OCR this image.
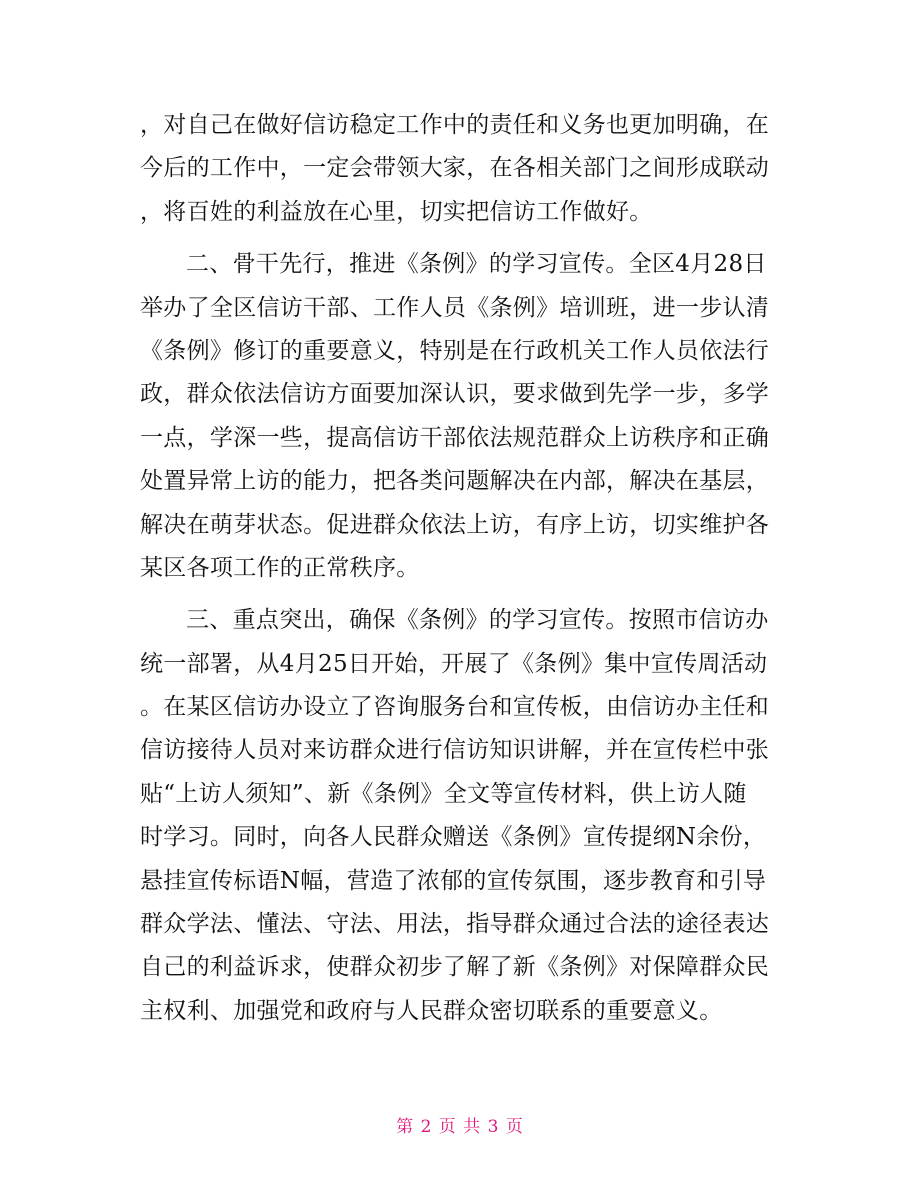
，对自己在做好信访稳定工作中的责任和义务也更加明确，在
今后的工作中，一定会带领大家，在各相关部门之间形成联动
，将百姓的利益放在心里，切实把信访工作做好。
二、骨干先行，推进《条例》的学习宣传。全区4月28日
举办了全区信访干部、工作人员《条例》培训班，进一步认清
《条例》修订的重要意义，特别是在行政机关工作人员依法行
政，群众依法信访方面要加深认识，要求做到先学一步，多学
一点，学深一些，提高信访干部依法规范群众上访秩序和正确
处置异常上访的能力，把各类问题解决在内部，解决在基层，
解决在萌芽状态。促进群众依法上访，有序上访，切实维护各
某区各项工作的正常秩序。
三、重点突出，确保《条例》的学习宣传。按照市信访办
统一部署，从4月25日开始，开展了《条例》集中宣传周活动
。在某区信访办设立了咨询服务台和宣传板，由信访办主任和
信访接待人员对来访群众进行信访知识讲解，并在宣传栏中张
贴“上访人须知”、新《条例》全文等宣传材料，供上访人随
时学习。同时，向各人民群众赠送《条例》宣传提纲N余份，
悬挂宣传标语N幅，营造了浓郁的宣传氛围，逐步教育和引导
群众学法、懂法、守法、用法，指导群众通过合法的途径表达
自己的利益诉求，使群众初步了解了新《条例》对保障群众民
主权利、加强党和政府与人民群众密切联系的重要意义。
第 2 页 共 3 页
